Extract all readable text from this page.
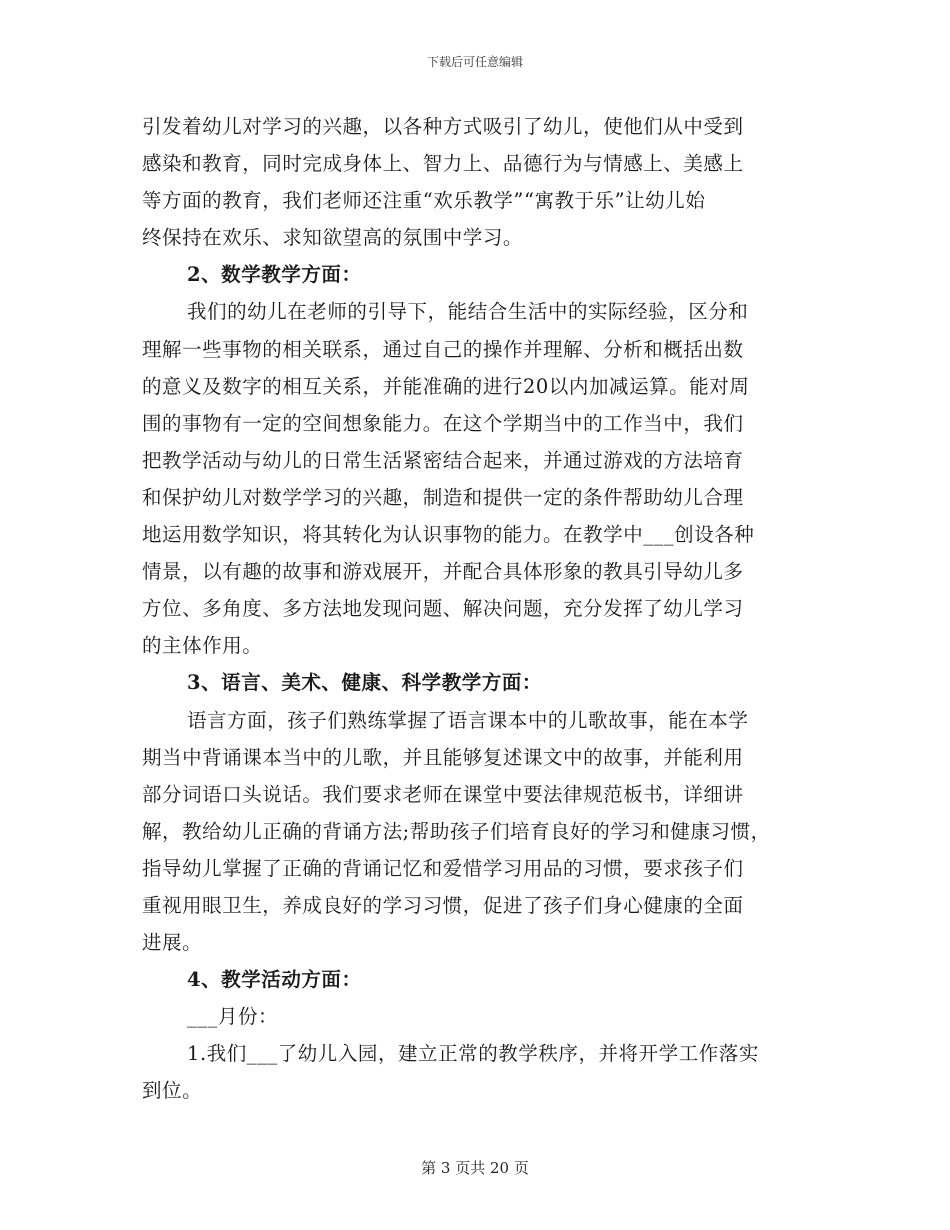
下载后可任意编辑
引发着幼儿对学习的兴趣，以各种方式吸引了幼儿，使他们从中受到
感染和教育，同时完成身体上、智力上、品德行为与情感上、美感上
等方面的教育，我们老师还注重“欢乐教学”“寓教于乐”让幼儿始
终保持在欢乐、求知欲望高的氛围中学习。
2、数学教学方面：
我们的幼儿在老师的引导下，能结合生活中的实际经验，区分和
理解一些事物的相关联系，通过自己的操作并理解、分析和概括出数
的意义及数字的相互关系，并能准确的进行20以内加减运算。能对周
围的事物有一定的空间想象能力。在这个学期当中的工作当中，我们
把教学活动与幼儿的日常生活紧密结合起来，并通过游戏的方法培育
和保护幼儿对数学学习的兴趣，制造和提供一定的条件帮助幼儿合理
地运用数学知识，将其转化为认识事物的能力。在教学中___创设各种
情景，以有趣的故事和游戏展开，并配合具体形象的教具引导幼儿多
方位、多角度、多方法地发现问题、解决问题，充分发挥了幼儿学习
的主体作用。
3、语言、美术、健康、科学教学方面：
语言方面，孩子们熟练掌握了语言课本中的儿歌故事，能在本学
期当中背诵课本当中的儿歌，并且能够复述课文中的故事，并能利用
部分词语口头说话。我们要求老师在课堂中要法律规范板书，详细讲
解，教给幼儿正确的背诵方法;帮助孩子们培育良好的学习和健康习惯，
指导幼儿掌握了正确的背诵记忆和爱惜学习用品的习惯，要求孩子们
重视用眼卫生，养成良好的学习习惯，促进了孩子们身心健康的全面
进展。
4、教学活动方面：
___月份：
1.我们___了幼儿入园，建立正常的教学秩序，并将开学工作落实
到位。
第 3 页共 20 页
